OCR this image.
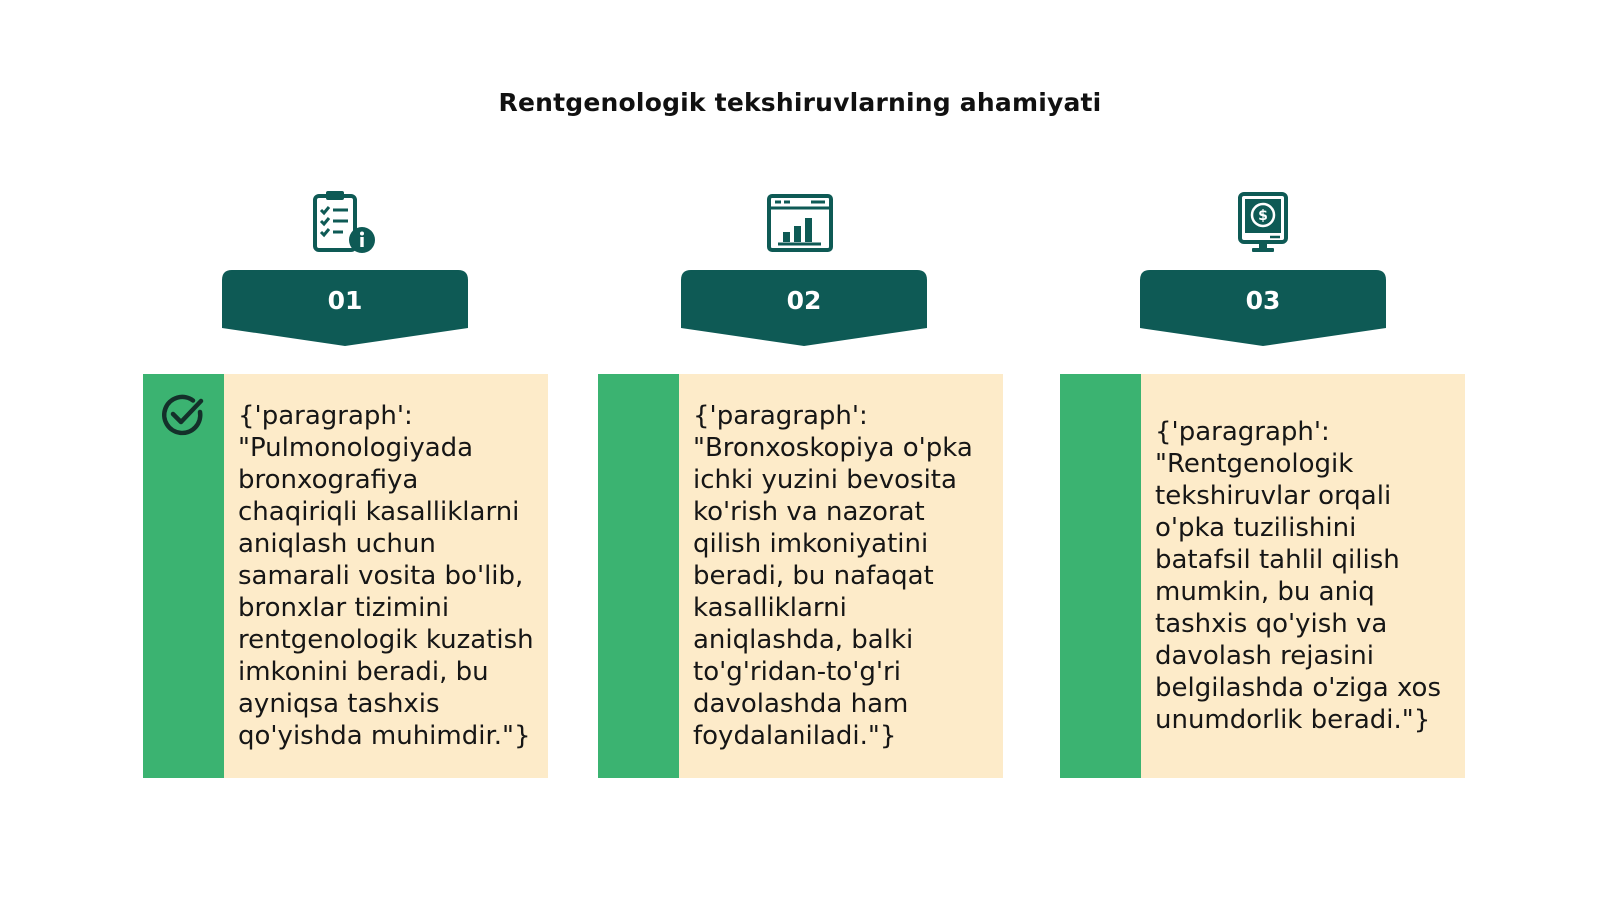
Rentgenologik tekshiruvlarning ahamiyati
01

{'paragraph': "Pulmonologiyada bronxografiya chaqiriqli kasalliklarni aniqlash uchun samarali vosita bo'lib, bronxlar tizimini rentgenologik kuzatish imkonini beradi, bu ayniqsa tashxis qo'yishda muhimdir."}

02

{'paragraph': "Bronxoskopiya o'pka ichki yuzini bevosita ko'rish va nazorat qilish imkoniyatini beradi, bu nafaqat kasalliklarni aniqlashda, balki to'g'ridan-to'g'ri davolashda ham foydalaniladi."}

$
03

{'paragraph': "Rentgenologik tekshiruvlar orqali o'pka tuzilishini batafsil tahlil qilish mumkin, bu aniq tashxis qo'yish va davolash rejasini belgilashda o'ziga xos unumdorlik beradi."}
